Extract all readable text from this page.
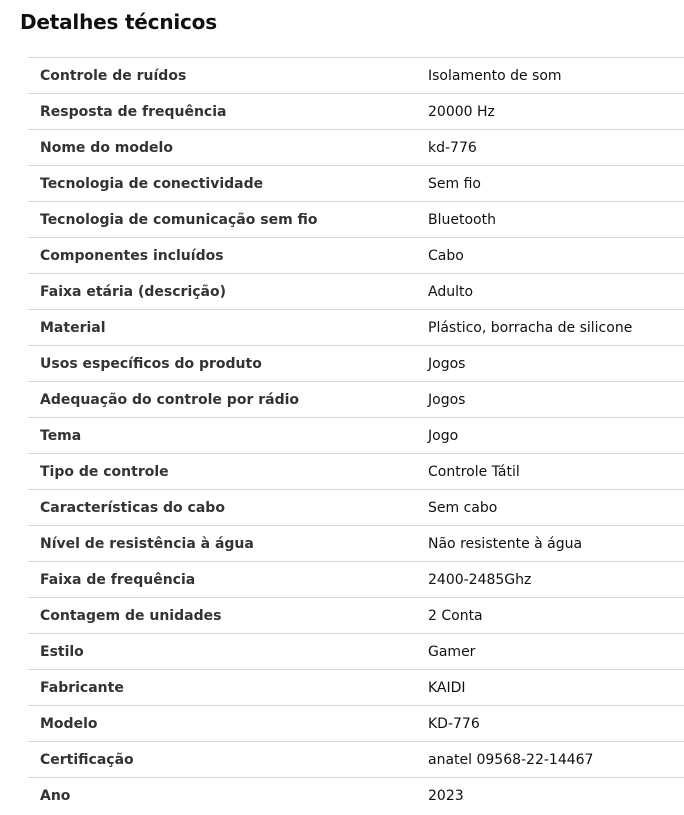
Detalhes técnicos
Controle de ruídos	Isolamento de som
Resposta de frequência	20000 Hz
Nome do modelo	kd-776
Tecnologia de conectividade	Sem fio
Tecnologia de comunicação sem fio	Bluetooth
Componentes incluídos	Cabo
Faixa etária (descrição)	Adulto
Material	Plástico, borracha de silicone
Usos específicos do produto	Jogos
Adequação do controle por rádio	Jogos
Tema	Jogo
Tipo de controle	Controle Tátil
Características do cabo	Sem cabo
Nível de resistência à água	Não resistente à água
Faixa de frequência	2400-2485Ghz
Contagem de unidades	2 Conta
Estilo	Gamer
Fabricante	KAIDI
Modelo	KD-776
Certificação	anatel 09568-22-14467
Ano	2023
